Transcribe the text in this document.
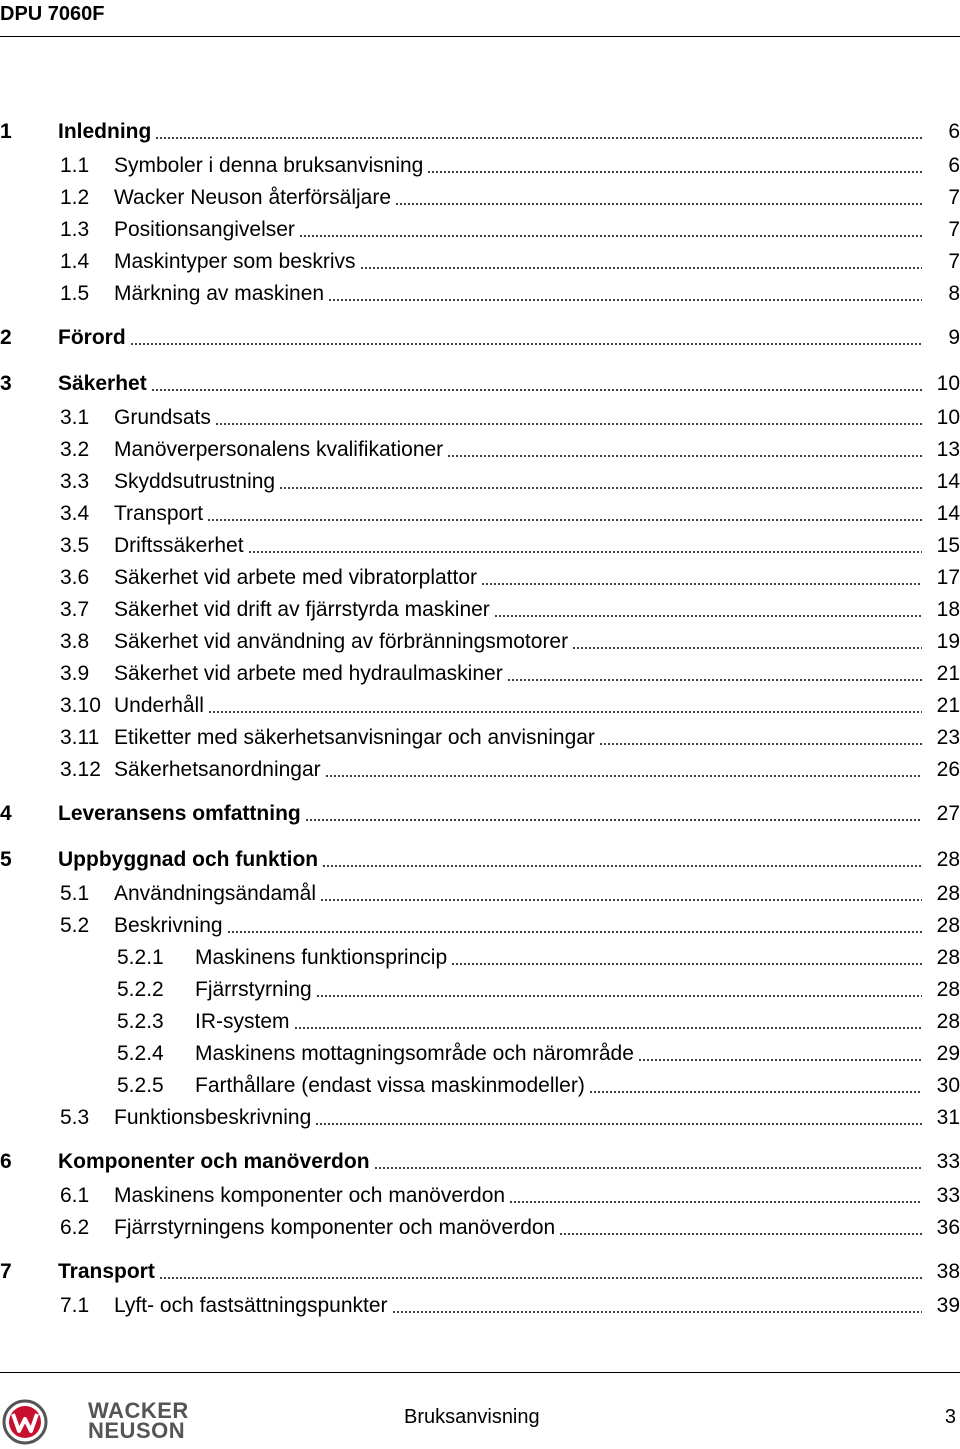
DPU 7060F
1	Inledning	6
1.1	Symboler i denna bruksanvisning	6
1.2	Wacker Neuson återförsäljare	7
1.3	Positionsangivelser	7
1.4	Maskintyper som beskrivs	7
1.5	Märkning av maskinen	8
2	Förord	9
3	Säkerhet	10
3.1	Grundsats	10
3.2	Manöverpersonalens kvalifikationer	13
3.3	Skyddsutrustning	14
3.4	Transport	14
3.5	Driftssäkerhet	15
3.6	Säkerhet vid arbete med vibratorplattor	17
3.7	Säkerhet vid drift av fjärrstyrda maskiner	18
3.8	Säkerhet vid användning av förbränningsmotorer	19
3.9	Säkerhet vid arbete med hydraulmaskiner	21
3.10 Underhåll	21
3.11 Etiketter med säkerhetsanvisningar och anvisningar	23
3.12 Säkerhetsanordningar	26
4	Leveransens omfattning	27
5	Uppbyggnad och funktion	28
5.1	Användningsändamål	28
5.2	Beskrivning	28
5.2.1	Maskinens funktionsprincip	28
5.2.2	Fjärrstyrning	28
5.2.3	IR-system	28
5.2.4	Maskinens mottagningsområde och närområde	29
5.2.5	Farthållare (endast vissa maskinmodeller)	30
5.3	Funktionsbeskrivning	31
6	Komponenter och manöverdon	33
6.1	Maskinens komponenter och manöverdon	33
6.2	Fjärrstyrningens komponenter och manöverdon	36
7	Transport	38
7.1	Lyft- och fastsättningspunkter	39
WACKER
NEUSON
Bruksanvisning	3
